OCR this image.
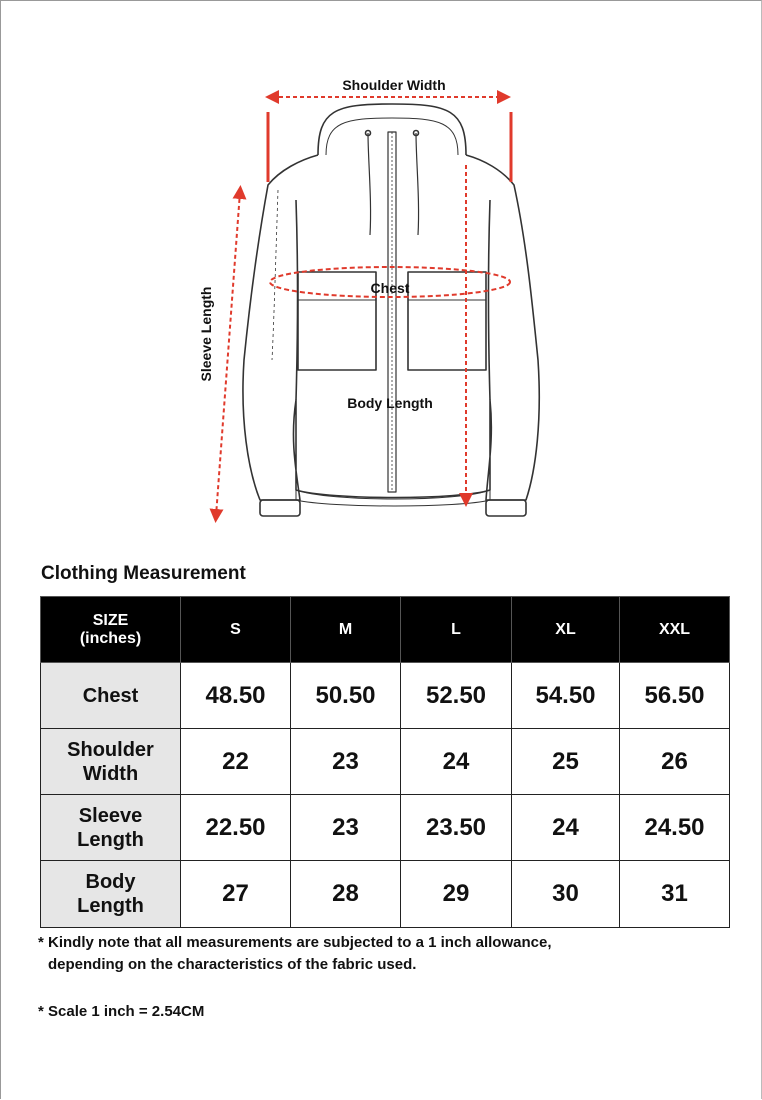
Shoulder Width
Chest
Body Length
Sleeve Length
Clothing Measurement
SIZE
(inches)	S	M	L	XL	XXL
Chest	48.50	50.50	52.50	54.50	56.50
Shoulder
Width	22	23	24	25	26
Sleeve
Length	22.50	23	23.50	24	24.50
Body
Length	27	28	29	30	31

* Kindly note that all measurements are subjected to a 1 inch allowance,
depending on the characteristics of the fabric used.

* Scale 1 inch = 2.54CM
